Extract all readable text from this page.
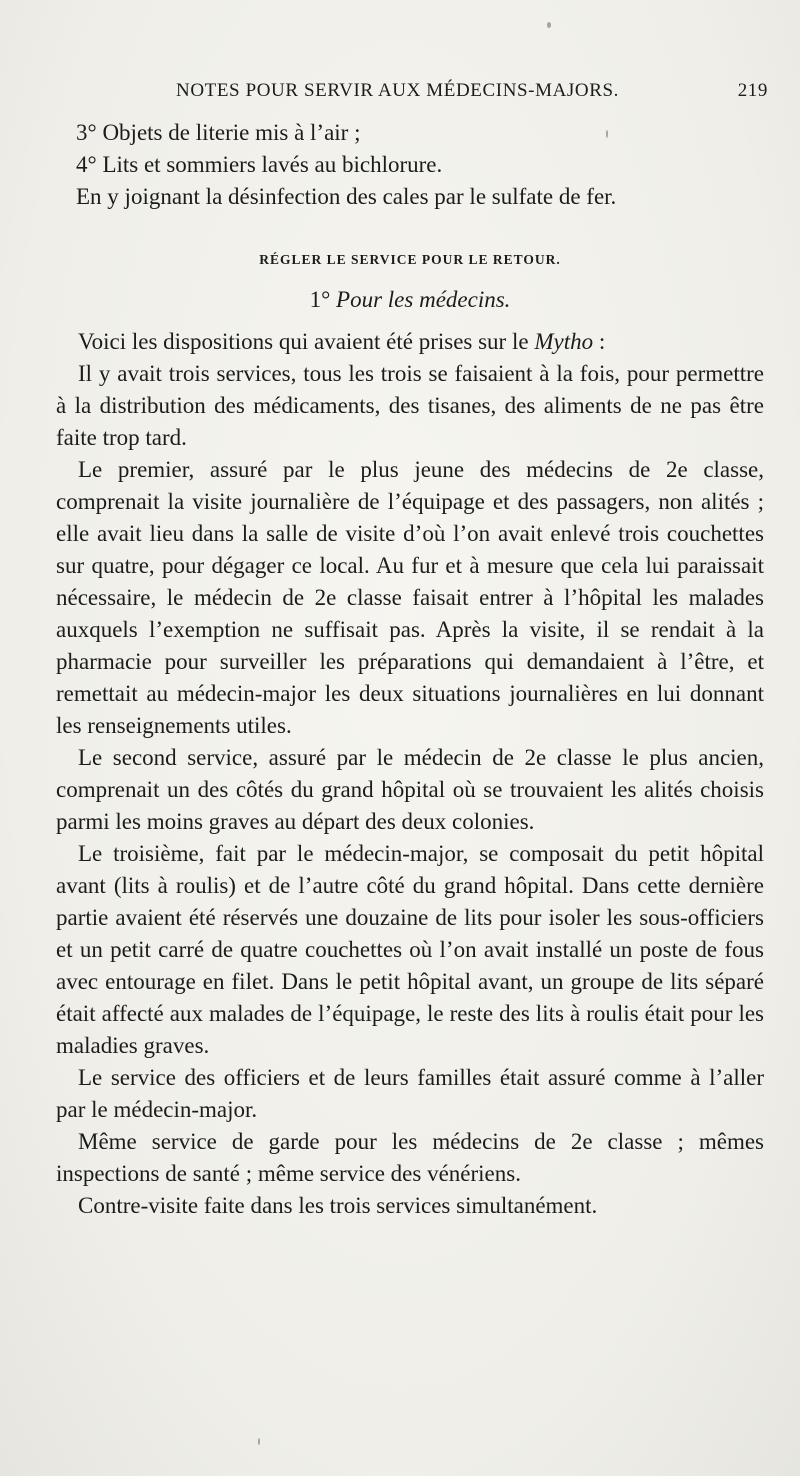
NOTES POUR SERVIR AUX MÉDECINS-MAJORS.	219

3° Objets de literie mis à l’air ;

4° Lits et sommiers lavés au bichlorure.

En y joignant la désinfection des cales par le sulfate de fer.

RÉGLER LE SERVICE POUR LE RETOUR.
1° Pour les médecins.

Voici les dispositions qui avaient été prises sur le Mytho :

Il y avait trois services, tous les trois se faisaient à la fois, pour permettre à la distribution des médicaments, des tisanes, des aliments de ne pas être faite trop tard.

Le premier, assuré par le plus jeune des médecins de 2e classe, comprenait la visite journalière de l’équipage et des passagers, non alités ; elle avait lieu dans la salle de visite d’où l’on avait enlevé trois couchettes sur quatre, pour dégager ce local. Au fur et à mesure que cela lui paraissait nécessaire, le médecin de 2e classe faisait entrer à l’hôpital les malades auxquels l’exemption ne suffisait pas. Après la visite, il se rendait à la pharmacie pour surveiller les préparations qui demandaient à l’être, et remettait au médecin-major les deux situations journalières en lui donnant les renseignements utiles.

Le second service, assuré par le médecin de 2e classe le plus ancien, comprenait un des côtés du grand hôpital où se trouvaient les alités choisis parmi les moins graves au départ des deux colonies.

Le troisième, fait par le médecin-major, se composait du petit hôpital avant (lits à roulis) et de l’autre côté du grand hôpital. Dans cette dernière partie avaient été réservés une douzaine de lits pour isoler les sous-officiers et un petit carré de quatre couchettes où l’on avait installé un poste de fous avec entourage en filet. Dans le petit hôpital avant, un groupe de lits séparé était affecté aux malades de l’équipage, le reste des lits à roulis était pour les maladies graves.

Le service des officiers et de leurs familles était assuré comme à l’aller par le médecin-major.

Même service de garde pour les médecins de 2e classe ; mêmes inspections de santé ; même service des vénériens.

Contre-visite faite dans les trois services simultanément.
